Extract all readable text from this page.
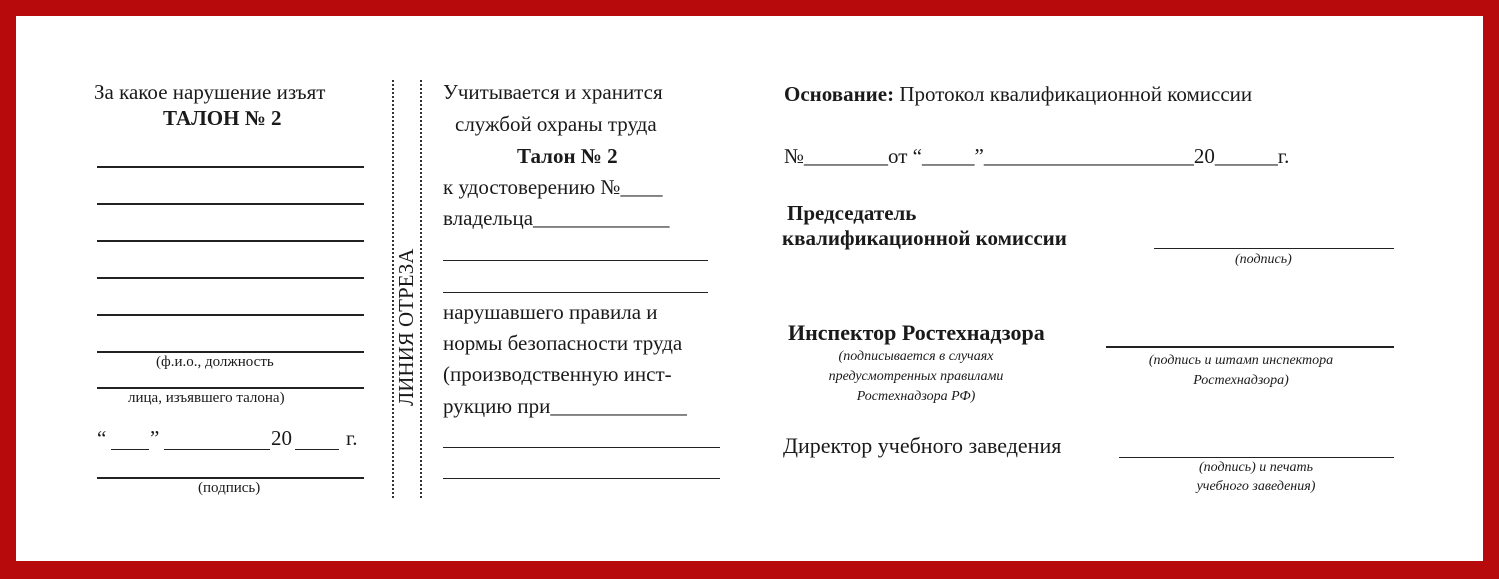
За какое нарушение изъят
ТАЛОН № 2
(ф.и.о., должность
лица, изъявшего талона)
“ ”	20	г.
(подпись)
ЛИНИЯ ОТРЕЗА
Учитывается и хранится
службой охраны труда
Талон № 2
к удостоверению №____
владельца_____________
нарушавшего правила и
нормы безопасности труда
(производственную инст-
рукцию при_____________
Основание: Протокол квалификационной комиссии
№________от “_____”____________________20______г.
Председатель
квалификационной комиссии
(подпись)
Инспектор Ростехнадзора
(подписывается в случаях
предусмотренных правилами
Ростехнадзора РФ)
(подпись и штамп инспектора
Ростехнадзора)
Директор учебного заведения
(подпись) и печать
учебного заведения)
